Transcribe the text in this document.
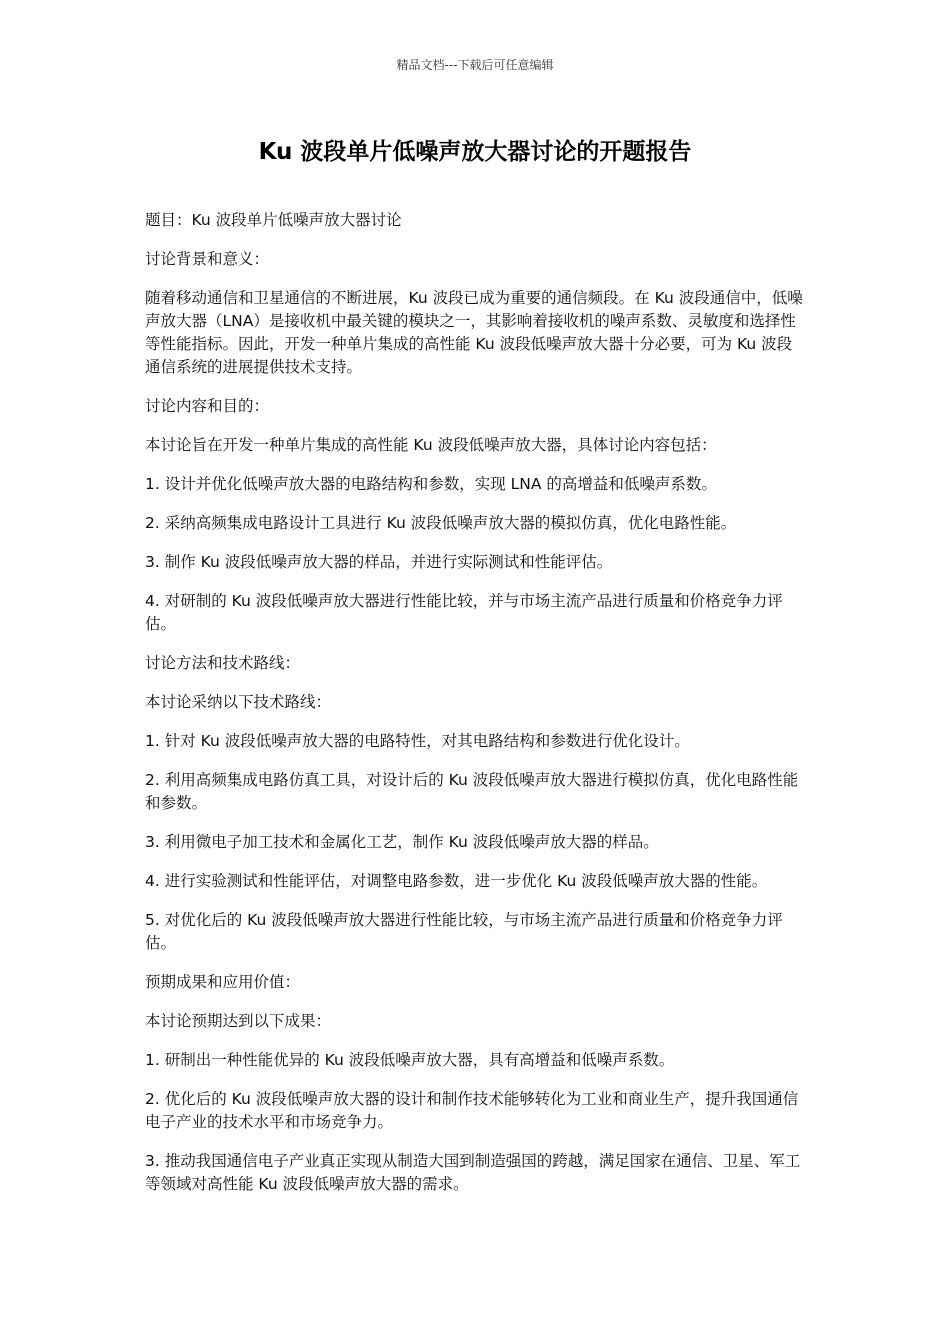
精品文档---下载后可任意编辑
Ku 波段单片低噪声放大器讨论的开题报告

题目：Ku 波段单片低噪声放大器讨论

讨论背景和意义：

随着移动通信和卫星通信的不断进展，Ku 波段已成为重要的通信频段。在 Ku 波段通信中，低噪声放大器（LNA）是接收机中最关键的模块之一，其影响着接收机的噪声系数、灵敏度和选择性等性能指标。因此，开发一种单片集成的高性能 Ku 波段低噪声放大器十分必要，可为 Ku 波段通信系统的进展提供技术支持。

讨论内容和目的：

本讨论旨在开发一种单片集成的高性能 Ku 波段低噪声放大器，具体讨论内容包括：

1. 设计并优化低噪声放大器的电路结构和参数，实现 LNA 的高增益和低噪声系数。

2. 采纳高频集成电路设计工具进行 Ku 波段低噪声放大器的模拟仿真，优化电路性能。

3. 制作 Ku 波段低噪声放大器的样品，并进行实际测试和性能评估。

4. 对研制的 Ku 波段低噪声放大器进行性能比较，并与市场主流产品进行质量和价格竞争力评估。

讨论方法和技术路线：

本讨论采纳以下技术路线：

1. 针对 Ku 波段低噪声放大器的电路特性，对其电路结构和参数进行优化设计。

2. 利用高频集成电路仿真工具，对设计后的 Ku 波段低噪声放大器进行模拟仿真，优化电路性能和参数。

3. 利用微电子加工技术和金属化工艺，制作 Ku 波段低噪声放大器的样品。

4. 进行实验测试和性能评估，对调整电路参数，进一步优化 Ku 波段低噪声放大器的性能。

5. 对优化后的 Ku 波段低噪声放大器进行性能比较，与市场主流产品进行质量和价格竞争力评估。

预期成果和应用价值：

本讨论预期达到以下成果：

1. 研制出一种性能优异的 Ku 波段低噪声放大器，具有高增益和低噪声系数。

2. 优化后的 Ku 波段低噪声放大器的设计和制作技术能够转化为工业和商业生产，提升我国通信电子产业的技术水平和市场竞争力。

3. 推动我国通信电子产业真正实现从制造大国到制造强国的跨越，满足国家在通信、卫星、军工等领域对高性能 Ku 波段低噪声放大器的需求。
